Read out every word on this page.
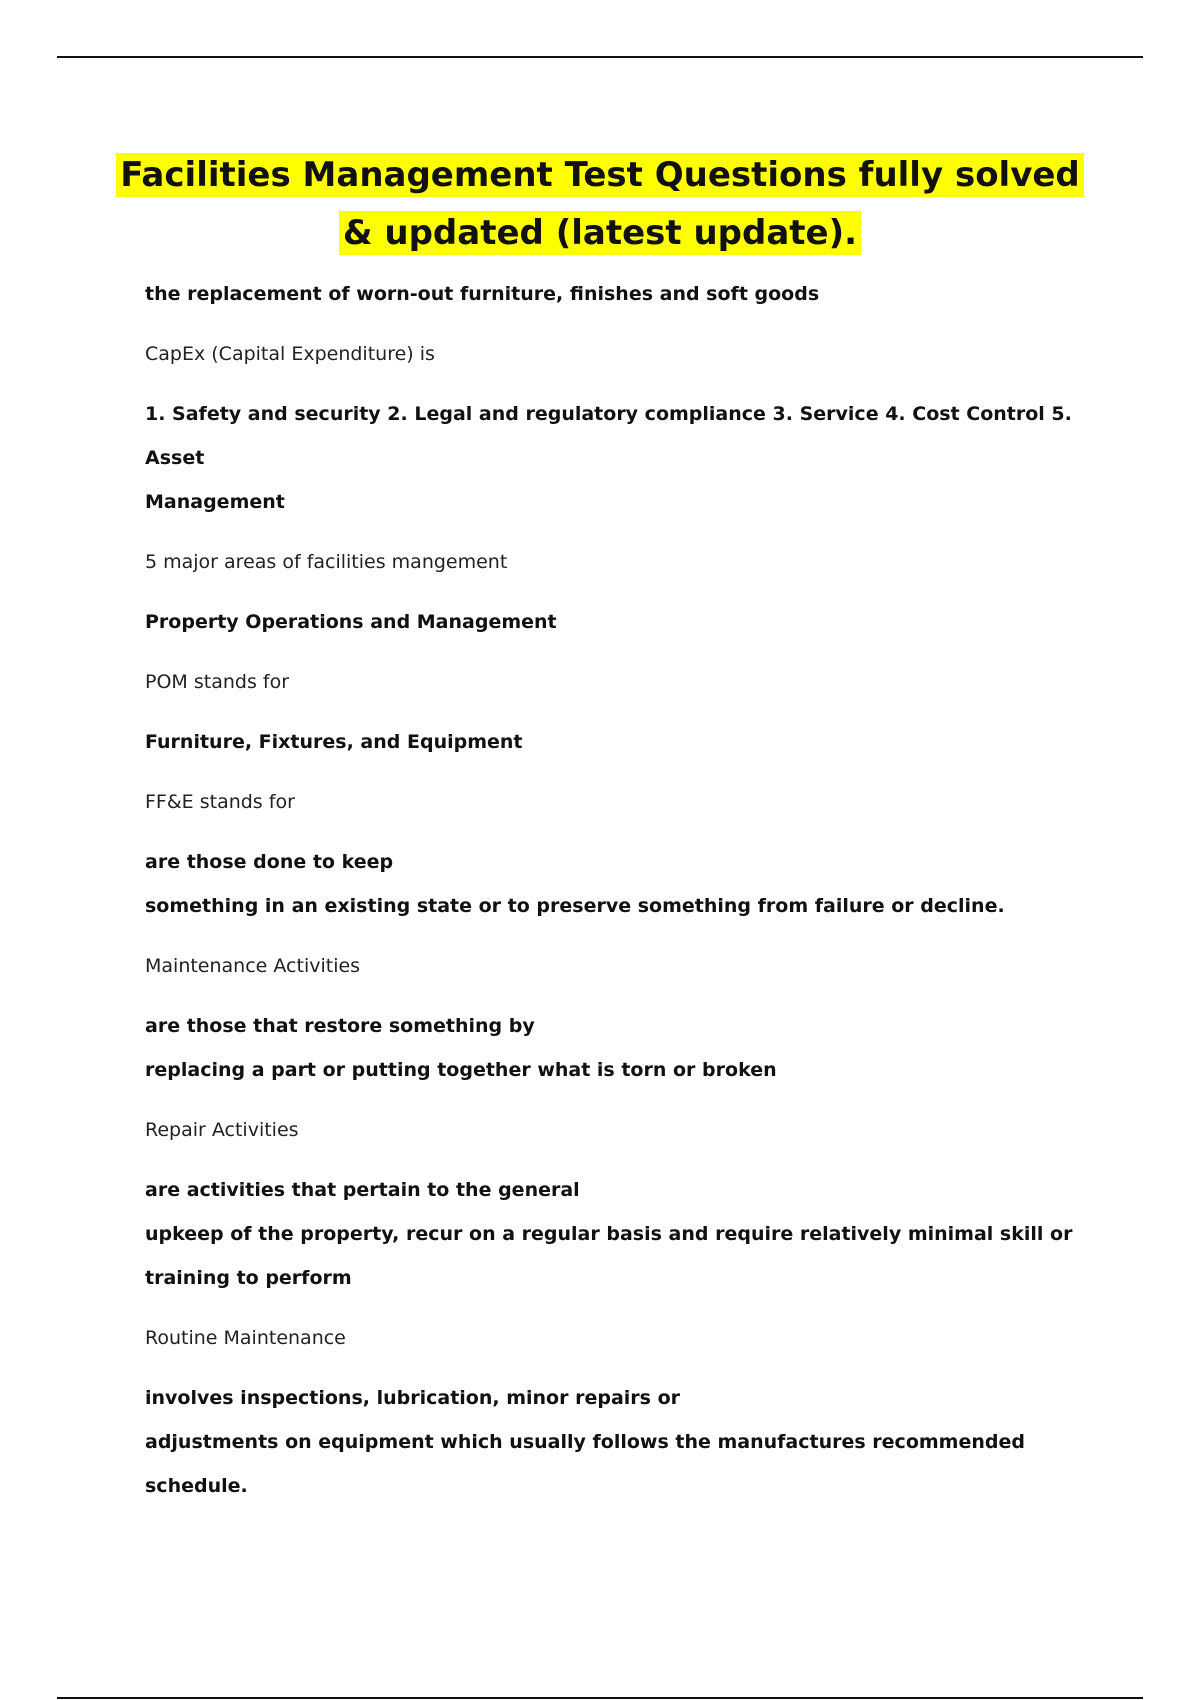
Facilities Management Test Questions fully solved
& updated (latest update).

the replacement of worn-out furniture, finishes and soft goods

CapEx (Capital Expenditure) is

1. Safety and security 2. Legal and regulatory compliance 3. Service 4. Cost Control 5. Asset
Management

5 major areas of facilities mangement

Property Operations and Management

POM stands for

Furniture, Fixtures, and Equipment

FF&E stands for

are those done to keep
something in an existing state or to preserve something from failure or decline.

Maintenance Activities

are those that restore something by
replacing a part or putting together what is torn or broken

Repair Activities

are activities that pertain to the general
upkeep of the property, recur on a regular basis and require relatively minimal skill or
training to perform

Routine Maintenance

involves inspections, lubrication, minor repairs or
adjustments on equipment which usually follows the manufactures recommended schedule.
